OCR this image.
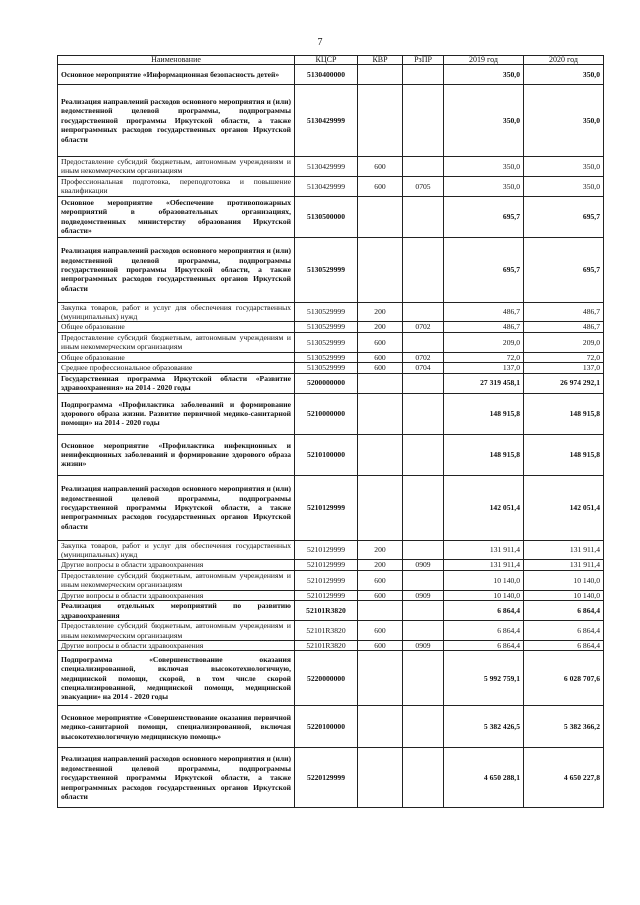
7
Наименование	КЦСР	КВР	РзПР	2019 год	2020 год
Основное мероприятие «Информационная безопасность детей»	5130400000			350,0	350,0
Реализация направлений расходов основного мероприятия и (или) ведомственной целевой программы, подпрограммы государственной программы Иркутской области, а также непрограммных расходов государственных органов Иркутской области	5130429999			350,0	350,0
Предоставление субсидий бюджетным, автономным учреждениям и иным некоммерческим организациям	5130429999	600		350,0	350,0
Профессиональная подготовка, переподготовка и повышение квалификации	5130429999	600	0705	350,0	350,0
Основное мероприятие «Обеспечение противопожарных мероприятий в образовательных организациях, подведомственных министерству образования Иркутской области»	5130500000			695,7	695,7
Реализация направлений расходов основного мероприятия и (или) ведомственной целевой программы, подпрограммы государственной программы Иркутской области, а также непрограммных расходов государственных органов Иркутской области	5130529999			695,7	695,7
Закупка товаров, работ и услуг для обеспечения государственных (муниципальных) нужд	5130529999	200		486,7	486,7
Общее образование	5130529999	200	0702	486,7	486,7
Предоставление субсидий бюджетным, автономным учреждениям и иным некоммерческим организациям	5130529999	600		209,0	209,0
Общее образование	5130529999	600	0702	72,0	72,0
Среднее профессиональное образование	5130529999	600	0704	137,0	137,0
Государственная программа Иркутской области «Развитие здравоохранения» на 2014 - 2020 годы	5200000000			27 319 458,1	26 974 292,1
Подпрограмма «Профилактика заболеваний и формирование здорового образа жизни. Развитие первичной медико-санитарной помощи» на 2014 - 2020 годы	5210000000			148 915,8	148 915,8
Основное мероприятие «Профилактика инфекционных и неинфекционных заболеваний и формирование здорового образа жизни»	5210100000			148 915,8	148 915,8
Реализация направлений расходов основного мероприятия и (или) ведомственной целевой программы, подпрограммы государственной программы Иркутской области, а также непрограммных расходов государственных органов Иркутской области	5210129999			142 051,4	142 051,4
Закупка товаров, работ и услуг для обеспечения государственных (муниципальных) нужд	5210129999	200		131 911,4	131 911,4
Другие вопросы в области здравоохранения	5210129999	200	0909	131 911,4	131 911,4
Предоставление субсидий бюджетным, автономным учреждениям и иным некоммерческим организациям	5210129999	600		10 140,0	10 140,0
Другие вопросы в области здравоохранения	5210129999	600	0909	10 140,0	10 140,0
Реализация отдельных мероприятий по развитию здравоохранения	52101R3820			6 864,4	6 864,4
Предоставление субсидий бюджетным, автономным учреждениям и иным некоммерческим организациям	52101R3820	600		6 864,4	6 864,4
Другие вопросы в области здравоохранения	52101R3820	600	0909	6 864,4	6 864,4
Подпрограмма «Совершенствование оказания специализированной, включая высокотехнологичную, медицинской помощи, скорой, в том числе скорой специализированной, медицинской помощи, медицинской эвакуации» на 2014 - 2020 годы	5220000000			5 992 759,1	6 028 707,6
Основное мероприятие «Совершенствование оказания первичной медико-санитарной помощи, специализированной, включая высокотехнологичную медицинскую помощь»	5220100000			5 382 426,5	5 382 366,2
Реализация направлений расходов основного мероприятия и (или) ведомственной целевой программы, подпрограммы государственной программы Иркутской области, а также непрограммных расходов государственных органов Иркутской области	5220129999			4 650 288,1	4 650 227,8
